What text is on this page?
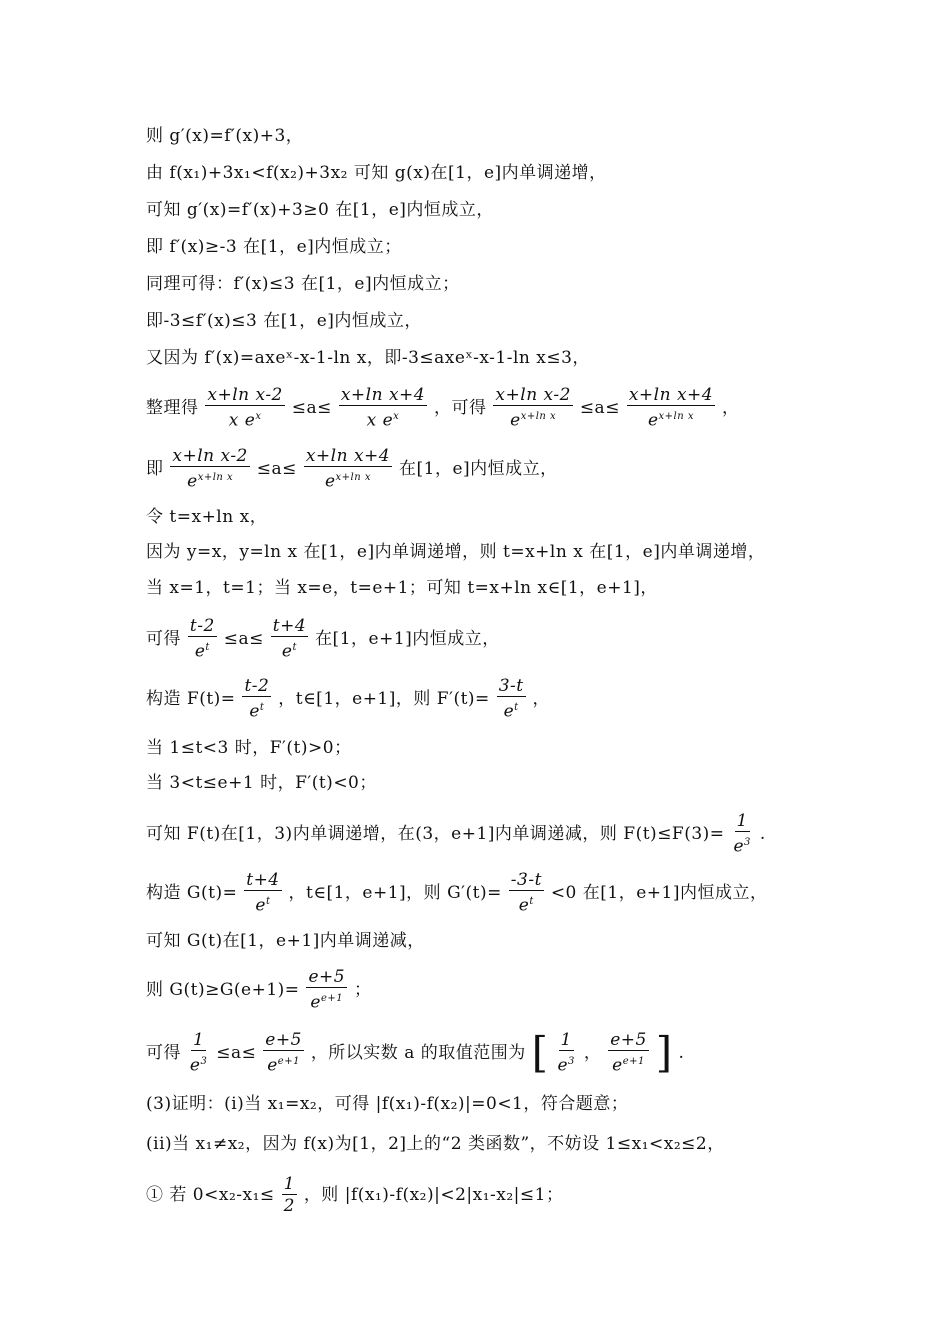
则 g′(x)=f′(x)+3，
由 f(x₁)+3x₁<f(x₂)+3x₂ 可知 g(x)在[1，e]内单调递增，
可知 g′(x)=f′(x)+3≥0 在[1，e]内恒成立，
即 f′(x)≥-3 在[1，e]内恒成立；
同理可得：f′(x)≤3 在[1，e]内恒成立；
即-3≤f′(x)≤3 在[1，e]内恒成立，
又因为 f′(x)=axeˣ-x-1-ln x，即-3≤axeˣ-x-1-ln x≤3，
整理得 $\frac{\text{x+ln x-2}}{x e^x} \le a\le \frac{\text{x+ln x+4}}{x e^x}$ ，可得 $\frac{\text{x+ln x-2}}{e^{x+ln x}} \le a\le \frac{\text{x+ln x+4}}{e^{x+ln x}}$ ，
即 $\frac{\text{x+ln x-2}}{e^{x+ln x}} \le a\le \frac{\text{x+ln x+4}}{e^{x+ln x}}$ 在[1，e]内恒成立，
令 t=x+ln x，
因为 y=x，y=ln x 在[1，e]内单调递增，则 t=x+ln x 在[1，e]内单调递增，
当 x=1，t=1；当 x=e，t=e+1；可知 t=x+ln x∈[1，e+1]，
可得 $\frac{t-2}{e^t} \le a\le \frac{t+4}{e^t}$ 在[1，e+1]内恒成立，
构造 $F(t)= \frac{t-2}{e^t}$ ，t∈[1，e+1]，则 $F'(t)= \frac{3-t}{e^t}$ ，
当 1≤t<3 时，F′(t)>0；
当 3<t≤e+1 时，F′(t)<0；
可知 F(t)在[1，3)内单调递增，在(3，e+1]内单调递减，则 $F(t)\le F(3)= \frac{1}{e^3}$ .
构造 $G(t)= \frac{t+4}{e^t}$ ，t∈[1，e+1]，则 $G'(t)= \frac{-3-t}{e^t} <0$ 在[1，e+1]内恒成立，
可知 G(t)在[1，e+1]内单调递减，
则 $G(t)\ge G(e+1)= \frac{e+5}{e^{e+1}}$ ；
可得 $\frac{1}{e^3} \le a\le \frac{e+5}{e^{e+1}}$ ，所以实数 a 的取值范围为 [ $\frac{1}{e^3}$ ， $\frac{e+5}{e^{e+1}}$ ] .
(3)证明：(i)当 x₁=x₂，可得 |f(x₁)-f(x₂)|=0<1，符合题意；
(ii)当 x₁≠x₂，因为 f(x)为[1，2]上的“2 类函数”，不妨设 1≤x₁<x₂≤2，
① 若 $0<x_2-x_1\le \frac{1}{2}$ ，则 |f(x₁)-f(x₂)|<2|x₁-x₂|≤1；
